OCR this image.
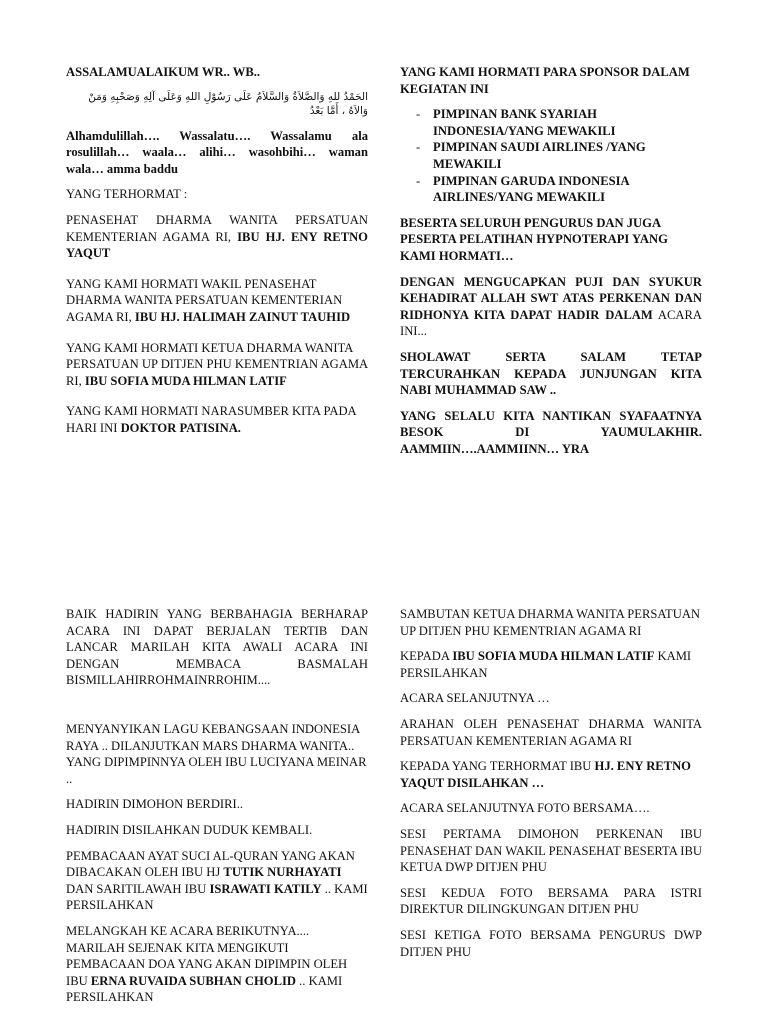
ASSALAMUALAIKUM WR.. WB..

الحَمْدُ للهِ وَالصَّلاَةُ وَالسَّلاَمُ عَلَى رَسُوْلِ اللهِ وَعَلَى آلِهِ وَصَحْبِهِ وَمَنْ وَالاَهُ ، أَمَّا بَعْدُ

Alhamdulillah…. Wassalatu…. Wassalamu ala rosulillah… waala… alihi… wasohbihi… waman wala… amma baddu

YANG TERHORMAT :

PENASEHAT DHARMA WANITA PERSATUAN KEMENTERIAN AGAMA RI, IBU HJ. ENY RETNO YAQUT

YANG KAMI HORMATI WAKIL PENASEHAT DHARMA WANITA PERSATUAN KEMENTERIAN AGAMA RI, IBU HJ. HALIMAH ZAINUT TAUHID

YANG KAMI HORMATI KETUA DHARMA WANITA PERSATUAN UP DITJEN PHU KEMENTRIAN AGAMA RI, IBU SOFIA MUDA HILMAN LATIF

YANG KAMI HORMATI NARASUMBER KITA PADA HARI INI DOKTOR PATISINA.

YANG KAMI HORMATI PARA SPONSOR DALAM KEGIATAN INI

- PIMPINAN BANK SYARIAH INDONESIA/YANG MEWAKILI
- PIMPINAN SAUDI AIRLINES /YANG MEWAKILI
- PIMPINAN GARUDA INDONESIA AIRLINES/YANG MEWAKILI

BESERTA SELURUH PENGURUS DAN JUGA PESERTA PELATIHAN HYPNOTERAPI YANG KAMI HORMATI…

DENGAN MENGUCAPKAN PUJI DAN SYUKUR KEHADIRAT ALLAH SWT ATAS PERKENAN DAN RIDHONYA KITA DAPAT HADIR DALAM ACARA INI...

SHOLAWAT SERTA SALAM TETAP TERCURAHKAN KEPADA JUNJUNGAN KITA NABI MUHAMMAD SAW ..

YANG SELALU KITA NANTIKAN SYAFAATNYA BESOK DI YAUMULAKHIR. AAMMIIN….AAMMIINN… YRA

BAIK HADIRIN YANG BERBAHAGIA BERHARAP ACARA INI DAPAT BERJALAN TERTIB DAN LANCAR MARILAH KITA AWALI ACARA INI DENGAN MEMBACA BASMALAH BISMILLAHIRROHMAINRROHIM....

MENYANYIKAN LAGU KEBANGSAAN INDONESIA RAYA .. DILANJUTKAN MARS DHARMA WANITA.. YANG DIPIMPINNYA OLEH IBU LUCIYANA MEINAR ..

HADIRIN DIMOHON BERDIRI..

HADIRIN DISILAHKAN DUDUK KEMBALI.

PEMBACAAN AYAT SUCI AL-QURAN YANG AKAN DIBACAKAN OLEH IBU HJ TUTIK NURHAYATI DAN SARITILAWAH IBU ISRAWATI KATILY .. KAMI PERSILAHKAN

MELANGKAH KE ACARA BERIKUTNYA.... MARILAH SEJENAK KITA MENGIKUTI PEMBACAAN DOA YANG AKAN DIPIMPIN OLEH IBU ERNA RUVAIDA SUBHAN CHOLID .. KAMI PERSILAHKAN

SAMBUTAN KETUA DHARMA WANITA PERSATUAN UP DITJEN PHU KEMENTRIAN AGAMA RI

KEPADA IBU SOFIA MUDA HILMAN LATIF KAMI PERSILAHKAN

ACARA SELANJUTNYA …

ARAHAN OLEH PENASEHAT DHARMA WANITA PERSATUAN KEMENTERIAN AGAMA RI

KEPADA YANG TERHORMAT IBU HJ. ENY RETNO YAQUT DISILAHKAN …

ACARA SELANJUTNYA FOTO BERSAMA….

SESI PERTAMA DIMOHON PERKENAN IBU PENASEHAT DAN WAKIL PENASEHAT BESERTA IBU KETUA DWP DITJEN PHU

SESI KEDUA FOTO BERSAMA PARA ISTRI DIREKTUR DILINGKUNGAN DITJEN PHU

SESI KETIGA FOTO BERSAMA PENGURUS DWP DITJEN PHU
